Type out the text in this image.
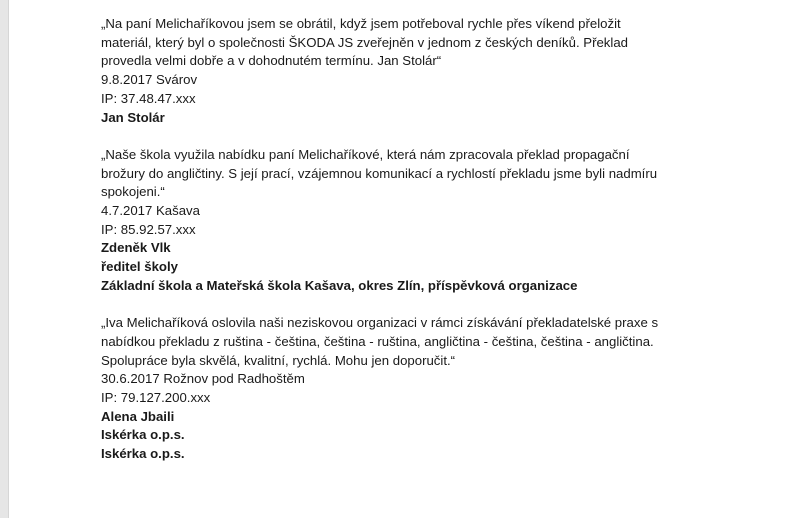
„Na paní Melichaříkovou jsem se obrátil, když jsem potřeboval rychle přes víkend přeložit
materiál, který byl o společnosti ŠKODA JS zveřejněn v jednom z českých deníků. Překlad
provedla velmi dobře a v dohodnutém termínu. Jan Stolár“

9.8.2017 Svárov
IP: 37.48.47.xxx
Jan Stolár

„Naše škola využila nabídku paní Melichaříkové, která nám zpracovala překlad propagační
brožury do angličtiny. S její prací, vzájemnou komunikací a rychlostí překladu jsme byli nadmíru
spokojeni.“

4.7.2017 Kašava
IP: 85.92.57.xxx
Zdeněk Vlk
ředitel školy
Základní škola a Mateřská škola Kašava, okres Zlín, příspěvková organizace

„Iva Melichaříková oslovila naši neziskovou organizaci v rámci získávání překladatelské praxe s
nabídkou překladu z ruština - čeština, čeština - ruština, angličtina - čeština, čeština - angličtina.
Spolupráce byla skvělá, kvalitní, rychlá. Mohu jen doporučit.“

30.6.2017 Rožnov pod Radhoštěm
IP: 79.127.200.xxx
Alena Jbaili
Iskérka o.p.s.
Iskérka o.p.s.
